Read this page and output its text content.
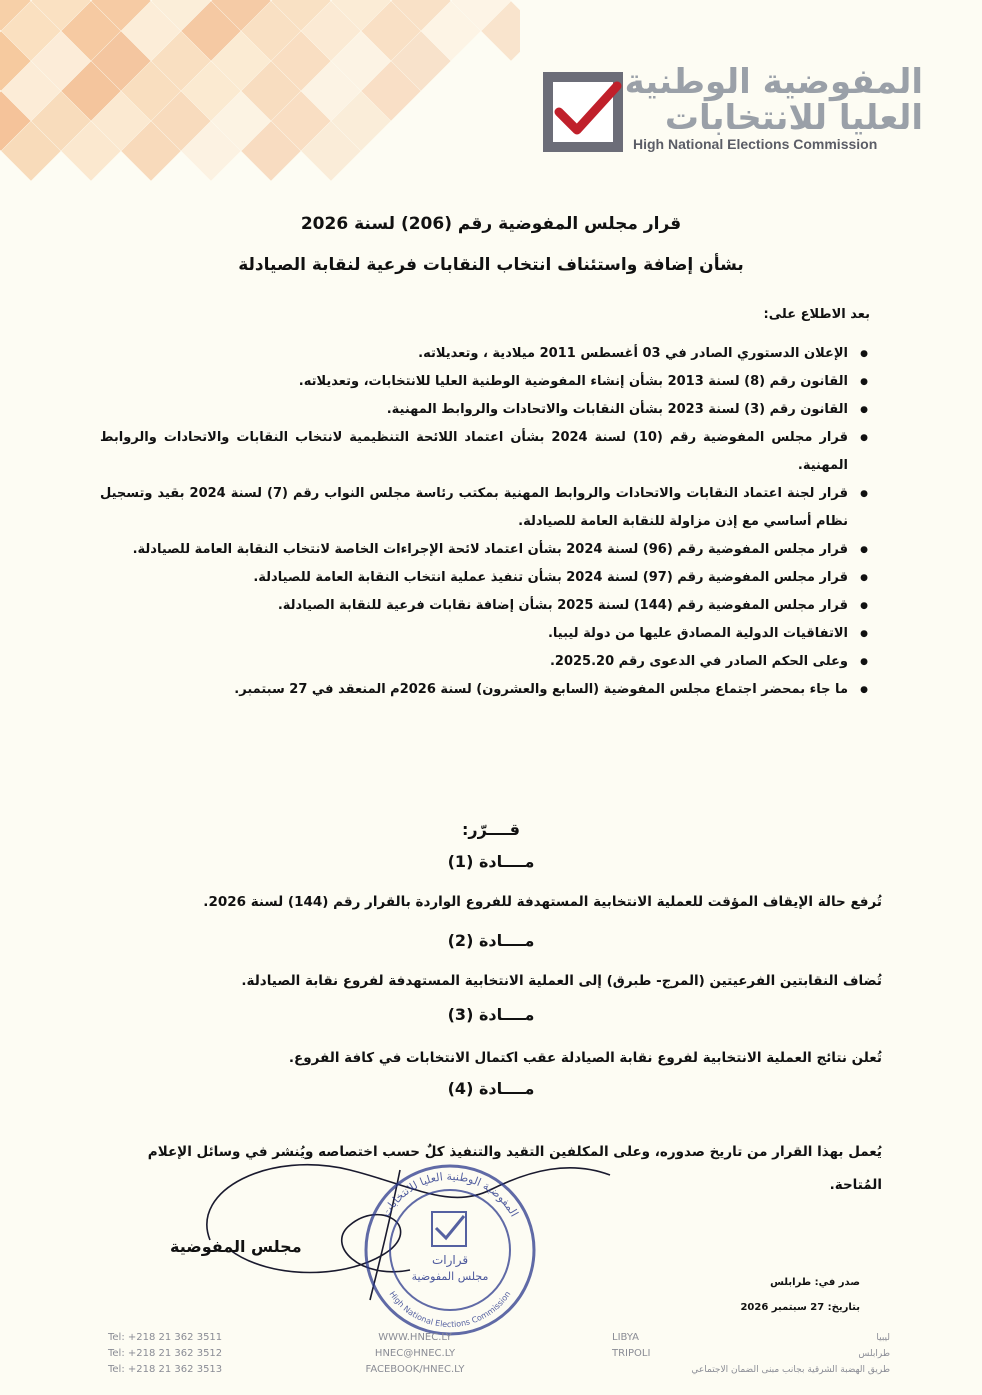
المفوضية الوطنية
العليا للانتخابات
High National Elections Commission
قرار مجلس المفوضية رقم (206) لسنة 2026
بشأن إضافة واستئناف انتخاب النقابات فرعية لنقابة الصيادلة
بعد الاطلاع على:
● الإعلان الدستوري الصادر في 03 أغسطس 2011 ميلادية ، وتعديلاته.
● القانون رقم (8) لسنة 2013 بشأن إنشاء المفوضية الوطنية العليا للانتخابات، وتعديلاته.
● القانون رقم (3) لسنة 2023 بشأن النقابات والاتحادات والروابط المهنية.
● قرار مجلس المفوضية رقم (10) لسنة 2024 بشأن اعتماد اللائحة التنظيمية لانتخاب النقابات والاتحادات والروابط المهنية.
● قرار لجنة اعتماد النقابات والاتحادات والروابط المهنية بمكتب رئاسة مجلس النواب رقم (7) لسنة 2024 بقيد وتسجيل نظام أساسي مع إذن مزاولة للنقابة العامة للصيادلة.
● قرار مجلس المفوضية رقم (96) لسنة 2024 بشأن اعتماد لائحة الإجراءات الخاصة لانتخاب النقابة العامة للصيادلة.
● قرار مجلس المفوضية رقم (97) لسنة 2024 بشأن تنفيذ عملية انتخاب النقابة العامة للصيادلة.
● قرار مجلس المفوضية رقم (144) لسنة 2025 بشأن إضافة نقابات فرعية للنقابة الصيادلة.
● الاتفاقيات الدولية المصادق عليها من دولة ليبيا.
● وعلى الحكم الصادر في الدعوى رقم 2025.20.
● ما جاء بمحضر اجتماع مجلس المفوضية (السابع والعشرون) لسنة 2026م المنعقد في 27 سبتمبر.
قــــرّر:
مــــادة (1)
تُرفع حالة الإيقاف المؤقت للعملية الانتخابية المستهدفة للفروع الواردة بالقرار رقم (144) لسنة 2026.
مــــادة (2)
تُضاف النقابتين الفرعيتين (المرج- طبرق) إلى العملية الانتخابية المستهدفة لفروع نقابة الصيادلة.
مــــادة (3)
تُعلن نتائج العملية الانتخابية لفروع نقابة الصيادلة عقب اكتمال الانتخابات في كافة الفروع.
مــــادة (4)
يُعمل بهذا القرار من تاريخ صدوره، وعلى المكلفين التقيد والتنفيذ كلٌ حسب اختصاصه ويُنشر في وسائل الإعلام المُتاحة.
مجلس المفوضية
المفوضية الوطنية العليا للانتخابات
High National Elections Commission
قرارات
مجلس المفوضية	صدر في: طرابلس
بتاريخ: 27 سبتمبر 2026
Tel: +218 21 362 3511
Tel: +218 21 362 3512
Tel: +218 21 362 3513
WWW.HNEC.LY
HNEC@HNEC.LY
FACEBOOK/HNEC.LY
LIBYA
TRIPOLI
ليبيا
طرابلس
طريق الهضبة الشرقية بجانب مبنى الضمان الاجتماعي
